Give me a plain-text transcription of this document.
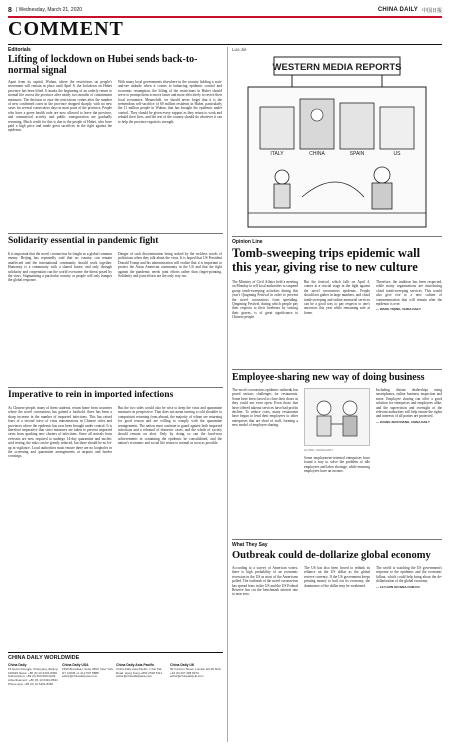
8 | Wednesday, March 21, 2020	CHINA DAILY 中国日报
COMMENT
Editorials
Lifting of lockdown on Hubei sends back-to-normal signal

Apart from its capital, Wuhan, where the restrictions on people's movement will remain in place until April 8, the lockdown on Hubei province has been lifted. It marks the beginning of an orderly return to normal life across the province after nearly two months of containment measures. The decision to ease the restrictions comes after the number of new confirmed cases in the province dropped sharply, with no new cases for several consecutive days in most parts of the province. People who have a green health code are now allowed to leave the province, and commercial activity and public transportation are gradually resuming. Much credit for this is due to the people of Hubei, who have paid a high price and made great sacrifices in the fight against the epidemic.

With many local governments elsewhere in the country holding a wait-and-see attitude when it comes to balancing epidemic control and economic resumption, the lifting of the restrictions in Hubei should serve to prompt them to move faster and more effectively to revive their local economies. Meanwhile, we should never forget that it is the tremendous self-sacrifice of 60 million residents in Hubei, particularly the 11 million people in Wuhan, that has brought the epidemic under control. They should be given every support as they return to work and rebuild their lives, and the rest of the country should do whatever it can to help the province regain its strength.

Solidarity essential in pandemic fight

It is important that the novel coronavirus be fought as a global common enemy. Beijing has repeatedly said that no country can remain unaffected and the international community should work together. Humanity is a community with a shared future, and only through solidarity and cooperation can the world overcome the threat posed by the virus. Stigmatizing a particular country or people will only hamper the global response.

Danger of such discrimination being stoked by the reckless words of politicians when they talk about the virus. It is hoped that US President Donald Trump and his administration will realize that it is important to protect the Asian American community in the US and that the fight against the pandemic needs joint efforts rather than finger-pointing. Solidarity and joint efforts are the only way out.

Imperative to rein in imported infections

As Chinese people, many of them students, return home from countries where the novel coronavirus has gained a foothold, there has been a sharp increase in the number of imported infections. This has raised fears of a second wave of virus transmissions in Chinese cities and provinces where the epidemic has now been brought under control. It is therefore imperative that strict measures are taken to prevent imported cases from sparking new clusters of infections. Since all arrivals from overseas are now required to undergo 14-day quarantine and nucleic acid testing, the risks can be greatly reduced, but there should be no let-up in vigilance. Local authorities must ensure there are no loopholes in the screening and quarantine arrangements at airports and border crossings.

But the two sides would also be wise to keep the virus and quarantine measures in perspective. That does not mean turning a cold shoulder to compatriots returning from abroad, the majority of whom are returning for good reason and are willing to comply with the quarantine arrangements. The nation must continue to guard against both imported infections and a rebound of domestic cases, and the whole of society should remain on alert. Only by doing so can the hard-won achievements in containing the epidemic be consolidated, and the nation's economic and social life return to normal as soon as possible.

CHINA DAILY WORLDWIDE
China Daily
15 Huixin Dongjie, Chaoyang, Beijing 100029 News: +86 (0) 10 6491-8366 Subscription: +86 (0) 400-699-0203 Advertisement: +86 (0) 10 6491-8631 Phone app: +86 (0) 10 6491-8366
China Daily USA
1500 Broadway, Suite 2800, New York, NY 10036 +1 212 537 8888 editor@chinadailyusa.com
China Daily Asia Pacific
China Daily Asia Pacific, 1 Kai Tak Road, Hong Kong +852 2518 5111 editor@chinadailyasia.com
China Daily UK
90 Cannon Street, London EC4N 6HA +44 (0) 207 398 8270 editor@chinadailyuk.com
Luo Jie
WESTERN MEDIA REPORTS
ITALY	CHINA	SPAIN	US
Opinion Line
Tomb-sweeping trips epidemic wall this year, giving rise to new culture

The Ministry of Civil Affairs held a meeting on Monday to tell local authorities to suspend group tomb-sweeping activities during this year's Qingming Festival in order to prevent the novel coronavirus from spreading. Qingming Festival, during which people pay their respects to their forebears by visiting their graves, is of great significance to Chinese people.

But the festival, which falls on April 4, comes at a crucial stage in the fight against the novel coronavirus epidemic. People should not gather in large numbers, and cloud tomb-sweeping and online memorial services can be a good way to pay respects to one's ancestors this year while remaining safe at home.

Therefore, the tradition has been respected, while many organizations are introducing cloud tomb-sweeping services. This would also give rise to a new culture of commemoration that will remain after the epidemic is over.

— WANG YIQING, CHINA DAILY
Employee-sharing new way of doing business

The novel coronavirus epidemic outbreak has posed serious challenges for restaurants. Some have been forced to close their doors as they could not even open. Even those that have offered takeout services have had profits decline. To reduce costs, many restaurants have begun to lend their employees to other enterprises that are short of staff, forming a new model of employee sharing.

LIU BIN / CHINA DAILY

Some employment-oriented enterprises have found a way to solve the problem of idle employees and labor shortage, while ensuring employees have an income.

Including distant dealerships using smartphones, online business inspection and more. Employee sharing can offer a good solution for enterprises and employees alike, and the supervision and oversight of the relevant authorities will help ensure the rights and interests of all parties are protected.

— ZHANG ZHOUXIANG, CHINA DAILY
What They Say
Outbreak could de-dollarize global economy

According to a survey of American voters, there is high probability of an economic recession in the US as most of the Americans polled. The outbreak of the novel coronavirus has spread fears in the US and the US Federal Reserve has cut the benchmark interest rate to near zero.

The US has also been forced to rethink its reliance on the US dollar as the global reserve currency. If the US government keeps printing money to bail out its economy, the dominance of the dollar may be weakened.

The world is watching the US government's response to the epidemic and the economic fallout, which could help bring about the de-dollarization of the global economy.

— LIU LIXIN ON SINA.COM.CN
